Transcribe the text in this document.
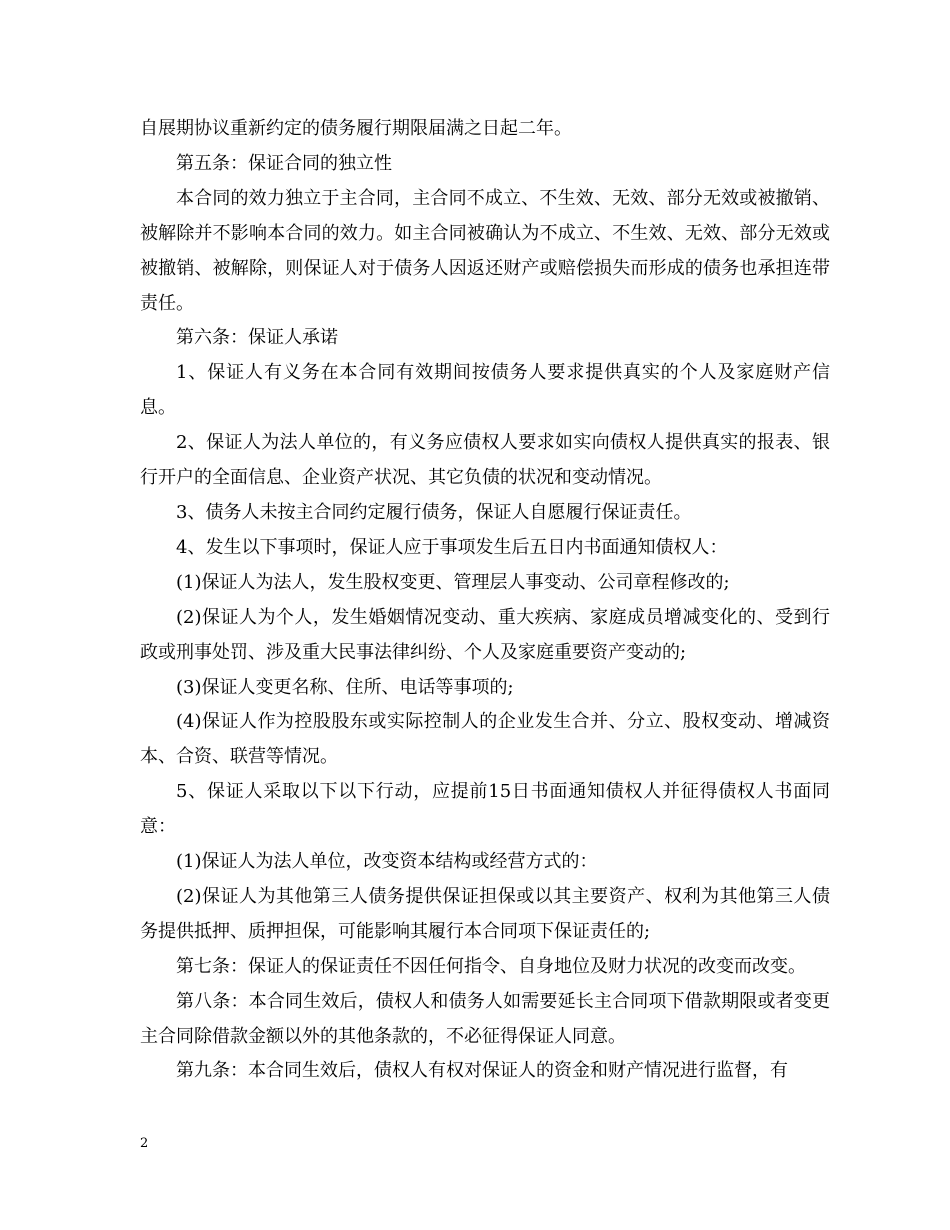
自展期协议重新约定的债务履行期限届满之日起二年。

第五条：保证合同的独立性

本合同的效力独立于主合同，主合同不成立、不生效、无效、部分无效或被撤销、被解除并不影响本合同的效力。如主合同被确认为不成立、不生效、无效、部分无效或被撤销、被解除，则保证人对于债务人因返还财产或赔偿损失而形成的债务也承担连带责任。

第六条：保证人承诺

1、保证人有义务在本合同有效期间按债务人要求提供真实的个人及家庭财产信息。

2、保证人为法人单位的，有义务应债权人要求如实向债权人提供真实的报表、银行开户的全面信息、企业资产状况、其它负债的状况和变动情况。

3、债务人未按主合同约定履行债务，保证人自愿履行保证责任。

4、发生以下事项时，保证人应于事项发生后五日内书面通知债权人：

(1)保证人为法人，发生股权变更、管理层人事变动、公司章程修改的;

(2)保证人为个人，发生婚姻情况变动、重大疾病、家庭成员增减变化的、受到行政或刑事处罚、涉及重大民事法律纠纷、个人及家庭重要资产变动的;

(3)保证人变更名称、住所、电话等事项的;

(4)保证人作为控股股东或实际控制人的企业发生合并、分立、股权变动、增减资本、合资、联营等情况。

5、保证人采取以下以下行动，应提前15日书面通知债权人并征得债权人书面同意：

(1)保证人为法人单位，改变资本结构或经营方式的：

(2)保证人为其他第三人债务提供保证担保或以其主要资产、权利为其他第三人债务提供抵押、质押担保，可能影响其履行本合同项下保证责任的;

第七条：保证人的保证责任不因任何指令、自身地位及财力状况的改变而改变。

第八条：本合同生效后，债权人和债务人如需要延长主合同项下借款期限或者变更主合同除借款金额以外的其他条款的，不必征得保证人同意。

第九条：本合同生效后，债权人有权对保证人的资金和财产情况进行监督，有

2
